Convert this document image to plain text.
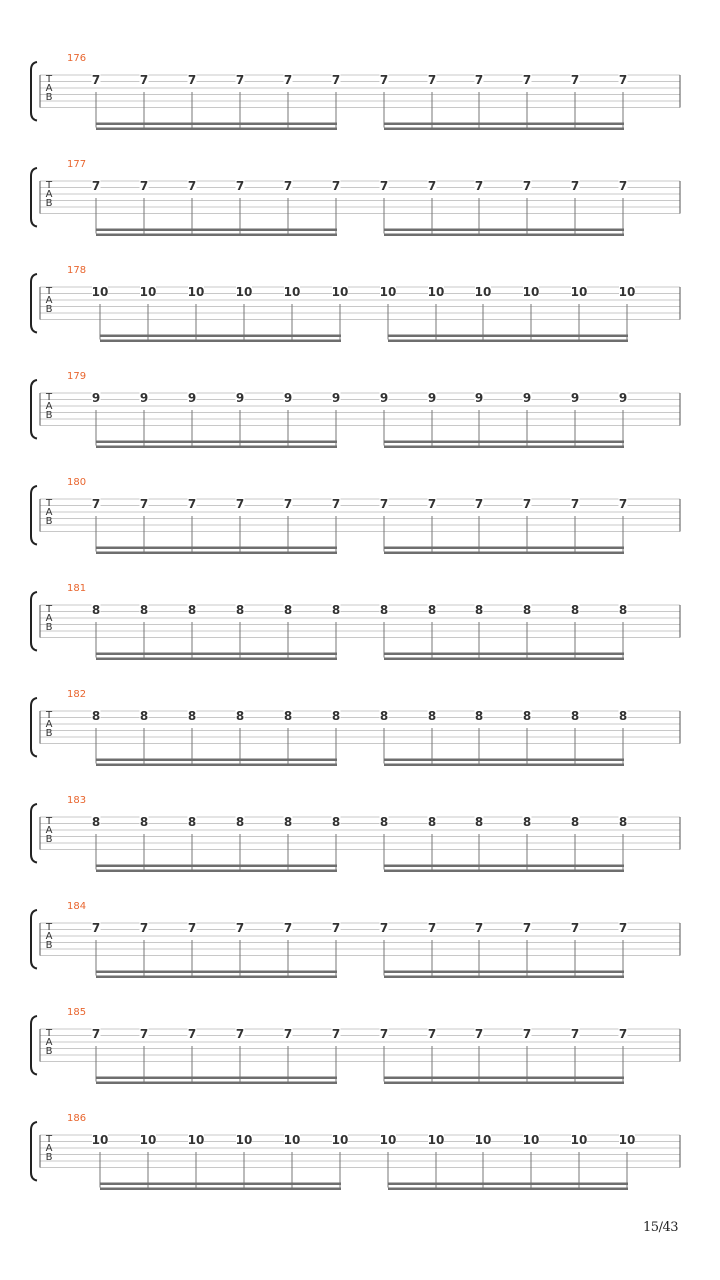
176
T
A
B
7	7	7	7	7	7	7	7	7	7	7	7
177
T
A
B
7	7	7	7	7	7	7	7	7	7	7	7
178
T
A
B
10	10	10	10	10	10	10	10	10	10	10	10
179
T
A
B
9	9	9	9	9	9	9	9	9	9	9	9
180
T
A
B
7	7	7	7	7	7	7	7	7	7	7	7
181
T
A
B
8	8	8	8	8	8	8	8	8	8	8	8
182
T
A
B
8	8	8	8	8	8	8	8	8	8	8	8
183
T
A
B
8	8	8	8	8	8	8	8	8	8	8	8
184
T
A
B
7	7	7	7	7	7	7	7	7	7	7	7
185
T
A
B
7	7	7	7	7	7	7	7	7	7	7	7
186
T
A
B
10	10	10	10	10	10	10	10	10	10	10	10
15/43
